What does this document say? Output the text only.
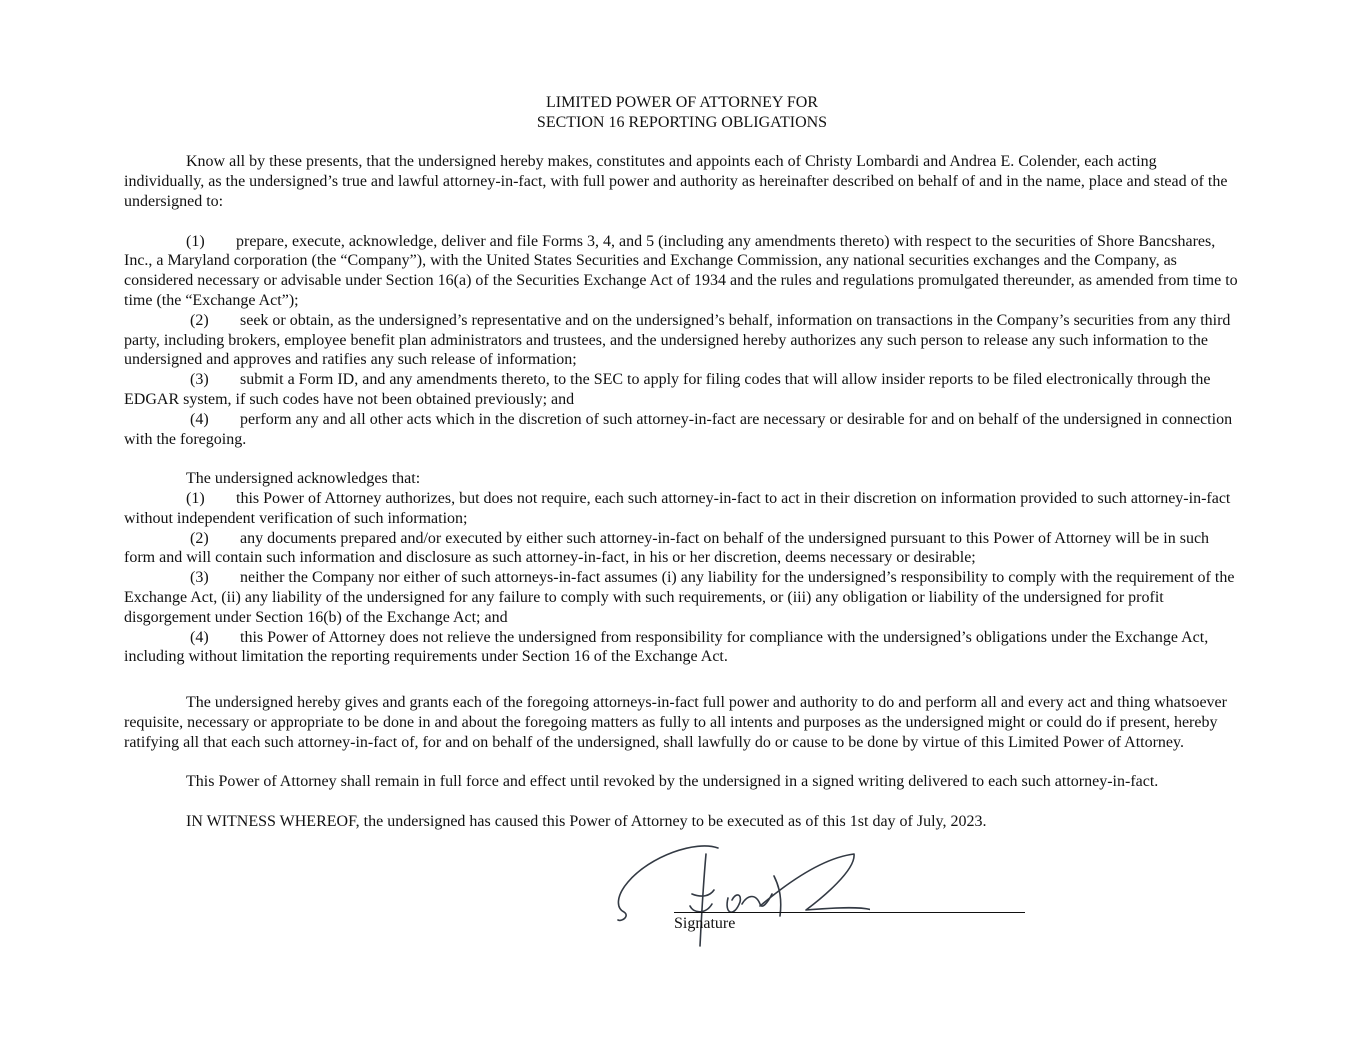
LIMITED POWER OF ATTORNEY FOR
SECTION 16 REPORTING OBLIGATIONS

Know all by these presents, that the undersigned hereby makes, constitutes and appoints each of Christy Lombardi and Andrea E. Colender, each acting individually, as the undersigned’s true and lawful attorney-in-fact, with full power and authority as hereinafter described on behalf of and in the name, place and stead of the undersigned to:

(1) prepare, execute, acknowledge, deliver and file Forms 3, 4, and 5 (including any amendments thereto) with respect to the securities of Shore Bancshares, Inc., a Maryland corporation (the “Company”), with the United States Securities and Exchange Commission, any national securities exchanges and the Company, as considered necessary or advisable under Section 16(a) of the Securities Exchange Act of 1934 and the rules and regulations promulgated thereunder, as amended from time to time (the “Exchange Act”);

(2) seek or obtain, as the undersigned’s representative and on the undersigned’s behalf, information on transactions in the Company’s securities from any third party, including brokers, employee benefit plan administrators and trustees, and the undersigned hereby authorizes any such person to release any such information to the undersigned and approves and ratifies any such release of information;

(3) submit a Form ID, and any amendments thereto, to the SEC to apply for filing codes that will allow insider reports to be filed electronically through the EDGAR system, if such codes have not been obtained previously; and

(4) perform any and all other acts which in the discretion of such attorney-in-fact are necessary or desirable for and on behalf of the undersigned in connection with the foregoing.

The undersigned acknowledges that:

(1) this Power of Attorney authorizes, but does not require, each such attorney-in-fact to act in their discretion on information provided to such attorney-in-fact without independent verification of such information;

(2) any documents prepared and/or executed by either such attorney-in-fact on behalf of the undersigned pursuant to this Power of Attorney will be in such form and will contain such information and disclosure as such attorney-in-fact, in his or her discretion, deems necessary or desirable;

(3) neither the Company nor either of such attorneys-in-fact assumes (i) any liability for the undersigned’s responsibility to comply with the requirement of the Exchange Act, (ii) any liability of the undersigned for any failure to comply with such requirements, or (iii) any obligation or liability of the undersigned for profit disgorgement under Section 16(b) of the Exchange Act; and

(4) this Power of Attorney does not relieve the undersigned from responsibility for compliance with the undersigned’s obligations under the Exchange Act, including without limitation the reporting requirements under Section 16 of the Exchange Act.

The undersigned hereby gives and grants each of the foregoing attorneys-in-fact full power and authority to do and perform all and every act and thing whatsoever requisite, necessary or appropriate to be done in and about the foregoing matters as fully to all intents and purposes as the undersigned might or could do if present, hereby ratifying all that each such attorney-in-fact of, for and on behalf of the undersigned, shall lawfully do or cause to be done by virtue of this Limited Power of Attorney.

This Power of Attorney shall remain in full force and effect until revoked by the undersigned in a signed writing delivered to each such attorney-in-fact.

IN WITNESS WHEREOF, the undersigned has caused this Power of Attorney to be executed as of this 1st day of July, 2023.

Signature
